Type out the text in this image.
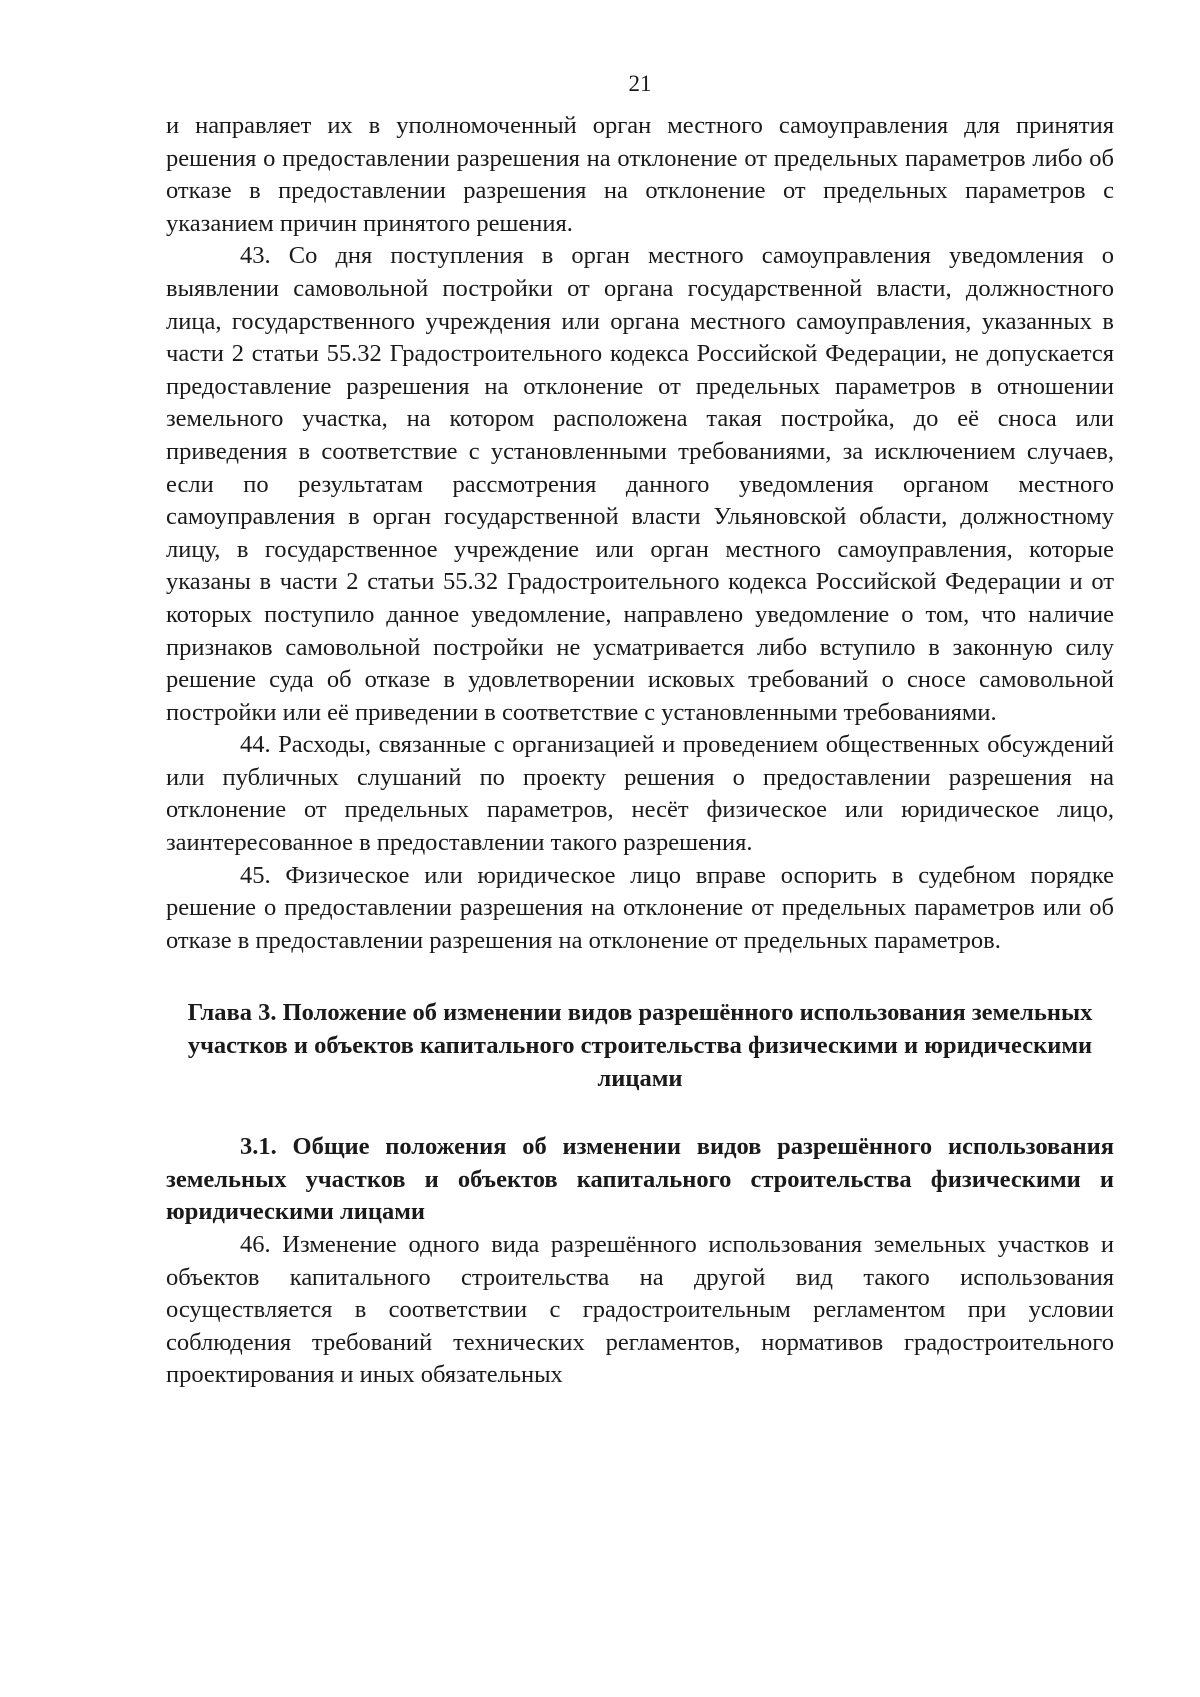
21

и направляет их в уполномоченный орган местного самоуправления для принятия решения о предоставлении разрешения на отклонение от предельных параметров либо об отказе в предоставлении разрешения на отклонение от предельных параметров с указанием причин принятого решения.

43. Со дня поступления в орган местного самоуправления уведомления о выявлении самовольной постройки от органа государственной власти, должностного лица, государственного учреждения или органа местного самоуправления, указанных в части 2 статьи 55.32 Градостроительного кодекса Российской Федерации, не допускается предоставление разрешения на отклонение от предельных параметров в отношении земельного участка, на котором расположена такая постройка, до её сноса или приведения в соответствие с установленными требованиями, за исключением случаев, если по результатам рассмотрения данного уведомления органом местного самоуправления в орган государственной власти Ульяновской области, должностному лицу, в государственное учреждение или орган местного самоуправления, которые указаны в части 2 статьи 55.32 Градостроительного кодекса Российской Федерации и от которых поступило данное уведомление, направлено уведомление о том, что наличие признаков самовольной постройки не усматривается либо вступило в законную силу решение суда об отказе в удовлетворении исковых требований о сносе самовольной постройки или её приведении в соответствие с установленными требованиями.

44. Расходы, связанные с организацией и проведением общественных обсуждений или публичных слушаний по проекту решения о предоставлении разрешения на отклонение от предельных параметров, несёт физическое или юридическое лицо, заинтересованное в предоставлении такого разрешения.

45. Физическое или юридическое лицо вправе оспорить в судебном порядке решение о предоставлении разрешения на отклонение от предельных параметров или об отказе в предоставлении разрешения на отклонение от предельных параметров.

Глава 3. Положение об изменении видов разрешённого использования земельных участков и объектов капитального строительства физическими и юридическими лицами
3.1. Общие положения об изменении видов разрешённого использования земельных участков и объектов капитального строительства физическими и юридическими лицами

46. Изменение одного вида разрешённого использования земельных участков и объектов капитального строительства на другой вид такого использования осуществляется в соответствии с градостроительным регламентом при условии соблюдения требований технических регламентов, нормативов градостроительного проектирования и иных обязательных
